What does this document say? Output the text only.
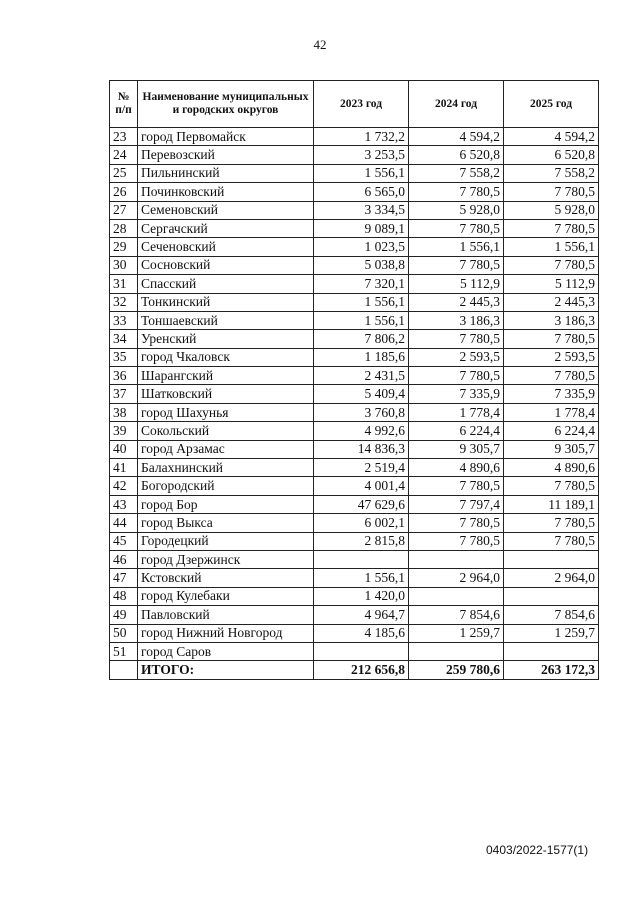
42
№ п/п	Наименование муниципальных и городских округов	2023 год	2024 год	2025 год
23	город Первомайск	1 732,2	4 594,2	4 594,2
24	Перевозский	3 253,5	6 520,8	6 520,8
25	Пильнинский	1 556,1	7 558,2	7 558,2
26	Починковский	6 565,0	7 780,5	7 780,5
27	Семеновский	3 334,5	5 928,0	5 928,0
28	Сергачский	9 089,1	7 780,5	7 780,5
29	Сеченовский	1 023,5	1 556,1	1 556,1
30	Сосновский	5 038,8	7 780,5	7 780,5
31	Спасский	7 320,1	5 112,9	5 112,9
32	Тонкинский	1 556,1	2 445,3	2 445,3
33	Тоншаевский	1 556,1	3 186,3	3 186,3
34	Уренский	7 806,2	7 780,5	7 780,5
35	город Чкаловск	1 185,6	2 593,5	2 593,5
36	Шарангский	2 431,5	7 780,5	7 780,5
37	Шатковский	5 409,4	7 335,9	7 335,9
38	город Шахунья	3 760,8	1 778,4	1 778,4
39	Сокольский	4 992,6	6 224,4	6 224,4
40	город Арзамас	14 836,3	9 305,7	9 305,7
41	Балахнинский	2 519,4	4 890,6	4 890,6
42	Богородский	4 001,4	7 780,5	7 780,5
43	город Бор	47 629,6	7 797,4	11 189,1
44	город Выкса	6 002,1	7 780,5	7 780,5
45	Городецкий	2 815,8	7 780,5	7 780,5
46	город Дзержинск			
47	Кстовский	1 556,1	2 964,0	2 964,0
48	город Кулебаки	1 420,0		
49	Павловский	4 964,7	7 854,6	7 854,6
50	город Нижний Новгород	4 185,6	1 259,7	1 259,7
51	город Саров			
	ИТОГО:	212 656,8	259 780,6	263 172,3
0403/2022-1577(1)
